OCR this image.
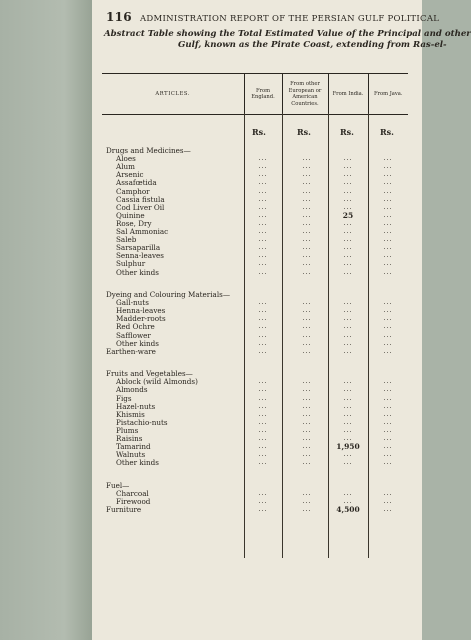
116 ADMINISTRATION REPORT OF THE PERSIAN GULF POLITICAL
Abstract Table showing the Total Estimated Value of the Principal and other
Gulf, known as the Pirate Coast, extending from Ras-el-
ARTICLES.	From England.	From other European or American Countries.	From India.	From Java.
Rs.	Rs.	Rs.	Rs.
Drugs and Medicines—
Aloes	...	...	...	...
Alum	...	...	...	...
Arsenic	...	...	...	...
Assafœtida	...	...	...	...
Camphor	...	...	...	...
Cassia fistula	...	...	...	...
Cod Liver Oil	...	...	...	...
Quinine	...	...	25	...
Rose, Dry	...	...	...	...
Sal Ammoniac	...	...	...	...
Saleb	...	...	...	...
Sarsaparilla	...	...	...	...
Senna-leaves	...	...	...	...
Sulphur	...	...	...	...
Other kinds	...	...	...	...
Dyeing and Colouring Materials—
Gall-nuts	...	...	...	...
Henna-leaves	...	...	...	...
Madder-roots	...	...	...	...
Red Ochre	...	...	...	...
Safflower	...	...	...	...
Other kinds	...	...	...	...
Earthen-ware	...	...	...	...
Fruits and Vegetables—
Ablock (wild Almonds)	...	...	...	...
Almonds	...	...	...	...
Figs	...	...	...	...
Hazel-nuts	...	...	...	...
Khismis	...	...	...	...
Pistachio-nuts	...	...	...	...
Plums	...	...	...	...
Raisins	...	...	...	...
Tamarind	...	...	1,950	...
Walnuts	...	...	...	...
Other kinds	...	...	...	...
Fuel—
Charcoal	...	...	...	...
Firewood	...	...	...	...
Furniture	...	...	4,500	...
